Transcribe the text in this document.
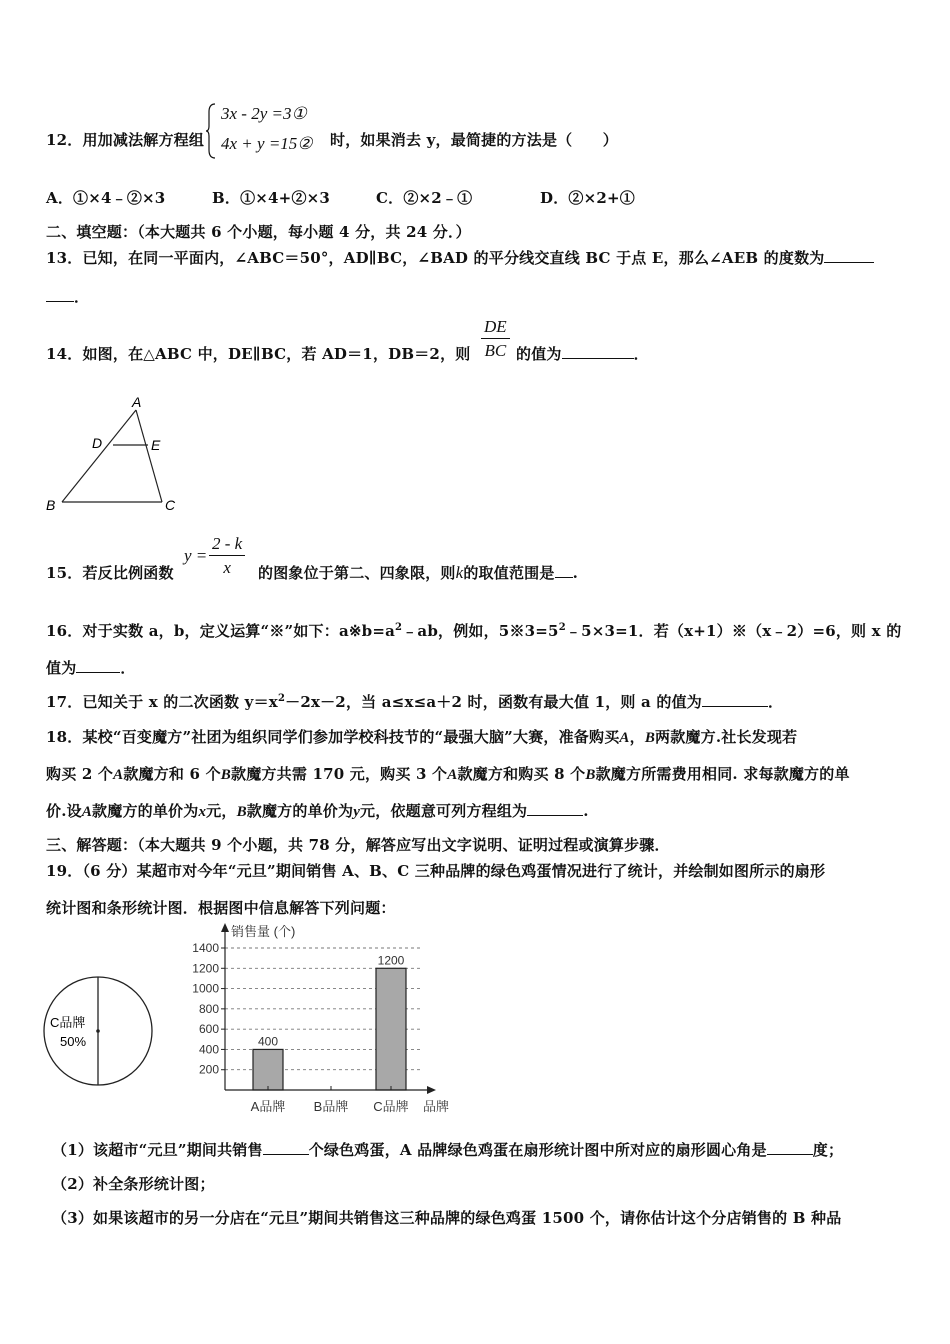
12．用加减法解方程组
3x - 2y =3①
4x + y =15② 时，如果消去 y，最简捷的方法是（　　）
A．①×4﹣②×3	B．①×4+②×3	C．②×2﹣①	D．②×2+①
二、填空题：（本大题共 6 个小题，每小题 4 分，共 24 分．）
13．已知，在同一平面内，∠ABC＝50°，AD∥BC，∠BAD 的平分线交直线 BC 于点 E，那么∠AEB 的度数为
．
14．如图，在△ABC 中，DE∥BC，若 AD＝1，DB＝2，则
DE
BC 的值为	．
A
D	E
B	C
15．若反比例函数
y =
2 - k
x	的图象位于第二、四象限，则k的取值范围是 .
16．对于实数 a，b，定义运算“※”如下：$a※b=a^2﹣ab$，例如，$5※3=5^2﹣5\times 3=1$．若（x+1）※（x﹣2）=6，则 x 的
值为	．
17．已知关于 x 的二次函数 $y=x^2-2x-2$，当 a≤x≤a＋2 时，函数有最大值 1，则 a 的值为	．
18．某校“百变魔方”社团为组织同学们参加学校科技节的“最强大脑”大赛，准备购买A，B两款魔方.社长发现若
购买 2 个A款魔方和 6 个B款魔方共需 170 元，购买 3 个A款魔方和购买 8 个B款魔方所需费用相同. 求每款魔方的单
价.设A款魔方的单价为x元，B款魔方的单价为y元，依题意可列方程组为	.
三、解答题：（本大题共 9 个小题，共 78 分，解答应写出文字说明、证明过程或演算步骤．
19．（6 分）某超市对今年“元旦”期间销售 A、B、C 三种品牌的绿色鸡蛋情况进行了统计，并绘制如图所示的扇形
统计图和条形统计图．根据图中信息解答下列问题：
C品牌
50%
200
400
600
800
1000
1200
1400
400
1200
A品牌 B品牌 C品牌
销售量 (个)
品牌
（1）该超市“元旦”期间共销售	个绿色鸡蛋，A 品牌绿色鸡蛋在扇形统计图中所对应的扇形圆心角是	度；
（2）补全条形统计图；
（3）如果该超市的另一分店在“元旦”期间共销售这三种品牌的绿色鸡蛋 1500 个，请你估计这个分店销售的 B 种品
